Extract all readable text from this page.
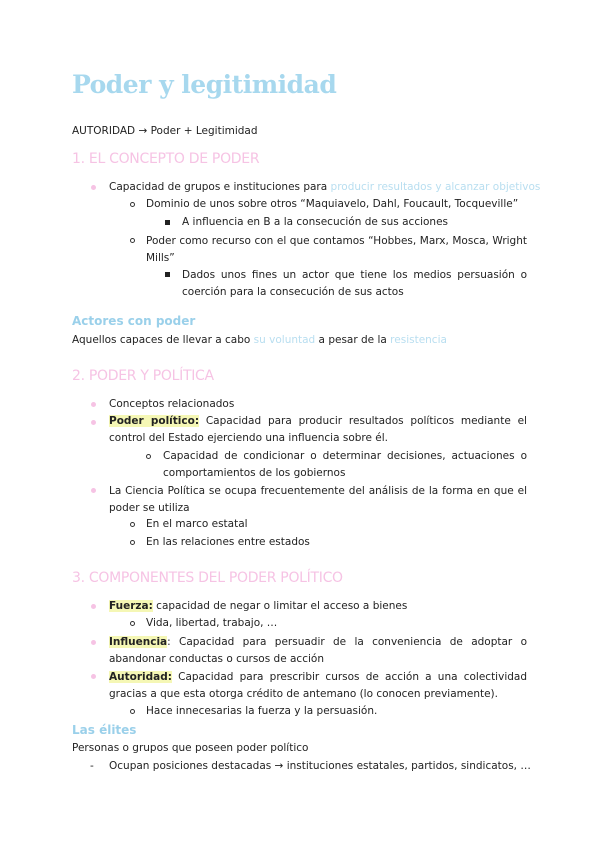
Poder y legitimidad
AUTORIDAD → Poder + Legitimidad
1. EL CONCEPTO DE PODER
Capacidad de grupos e instituciones para producir resultados y alcanzar objetivos
Dominio de unos sobre otros “Maquiavelo, Dahl, Foucault, Tocqueville”
A influencia en B a la consecución de sus acciones
Poder como recurso con el que contamos “Hobbes, Marx, Mosca, Wright Mills”
Dados unos fines un actor que tiene los medios persuasión o coerción para la consecución de sus actos
Actores con poder
Aquellos capaces de llevar a cabo su voluntad a pesar de la resistencia
2. PODER Y POLÍTICA
Conceptos relacionados
Poder político: Capacidad para producir resultados políticos mediante el control del Estado ejerciendo una influencia sobre él.
Capacidad de condicionar o determinar decisiones, actuaciones o comportamientos de los gobiernos
La Ciencia Política se ocupa frecuentemente del análisis de la forma en que el poder se utiliza
En el marco estatal
En las relaciones entre estados
3. COMPONENTES DEL PODER POLÍTICO
Fuerza: capacidad de negar o limitar el acceso a bienes
Vida, libertad, trabajo, …
Influencia: Capacidad para persuadir de la conveniencia de adoptar o abandonar conductas o cursos de acción
Autoridad: Capacidad para prescribir cursos de acción a una colectividad gracias a que esta otorga crédito de antemano (lo conocen previamente).
Hace innecesarias la fuerza y la persuasión.
Las élites
Personas o grupos que poseen poder político
- Ocupan posiciones destacadas → instituciones estatales, partidos, sindicatos, …
